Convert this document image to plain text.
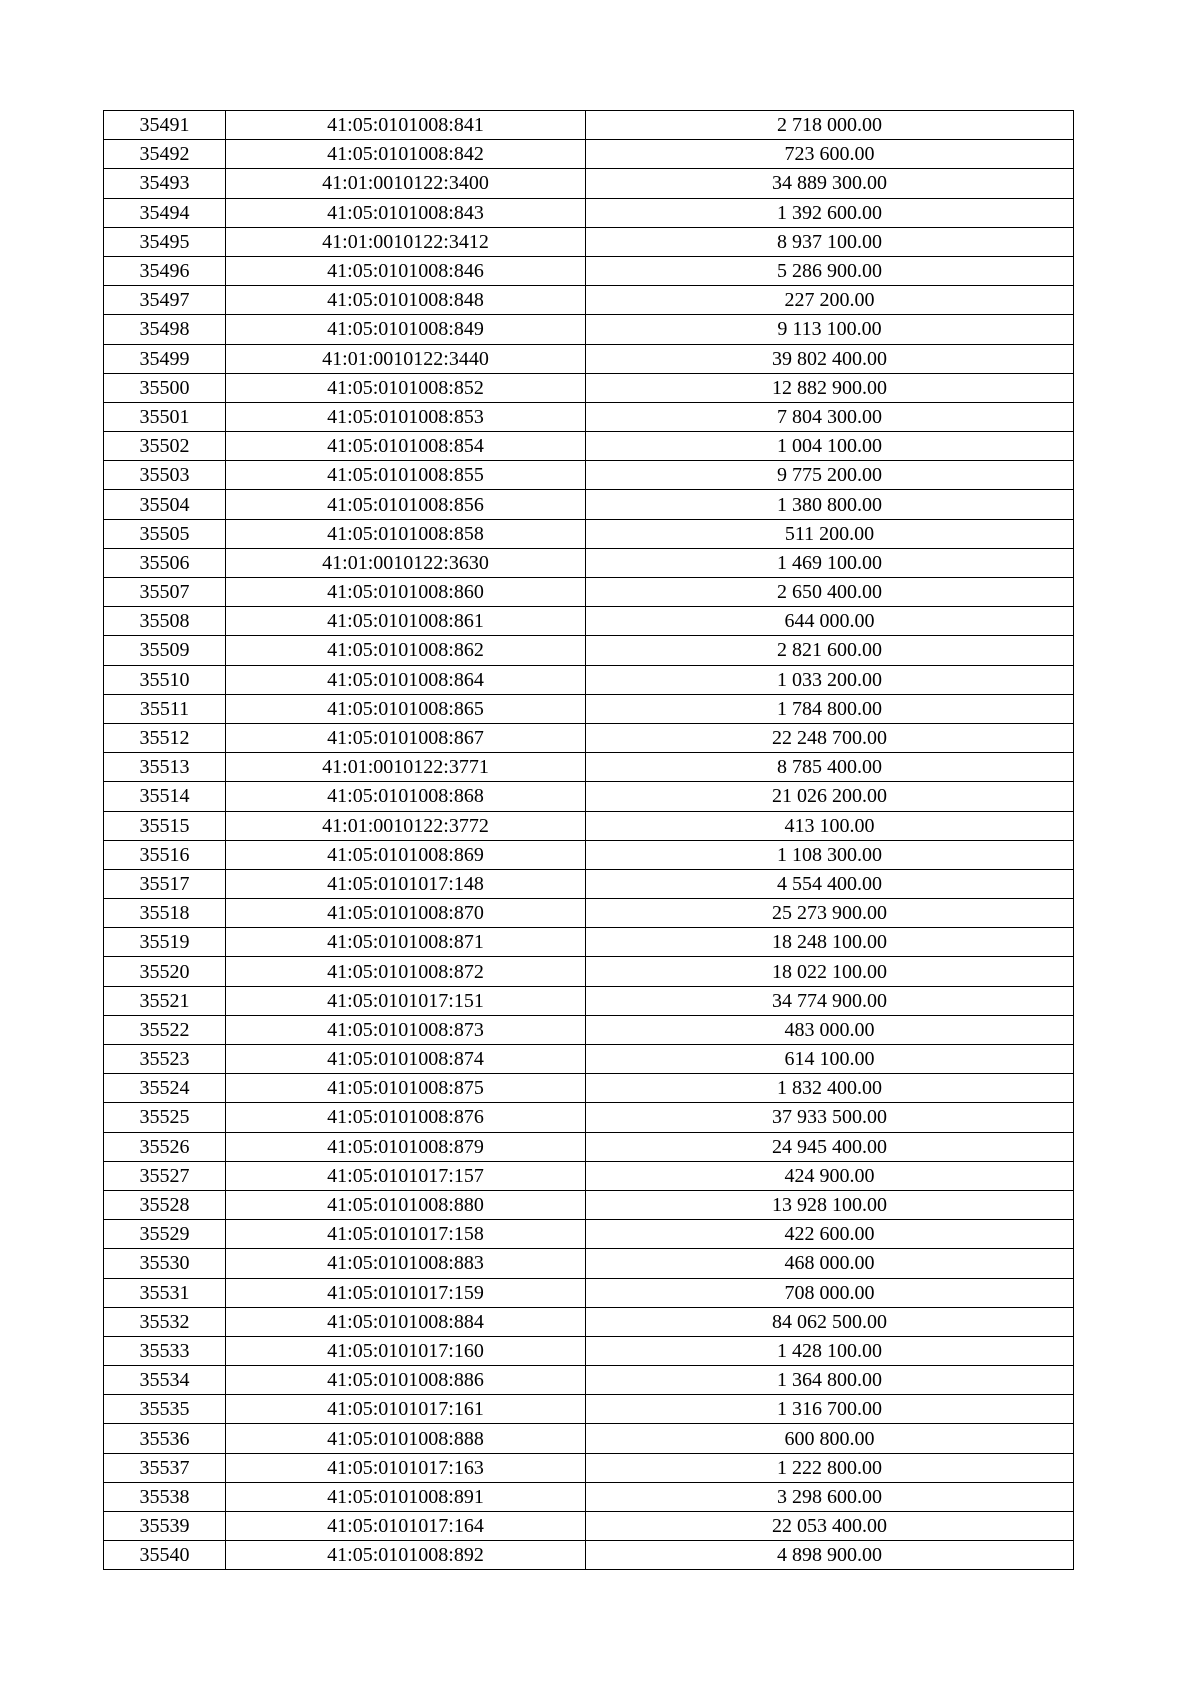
35491	41:05:0101008:841	2 718 000.00
35492	41:05:0101008:842	723 600.00
35493	41:01:0010122:3400	34 889 300.00
35494	41:05:0101008:843	1 392 600.00
35495	41:01:0010122:3412	8 937 100.00
35496	41:05:0101008:846	5 286 900.00
35497	41:05:0101008:848	227 200.00
35498	41:05:0101008:849	9 113 100.00
35499	41:01:0010122:3440	39 802 400.00
35500	41:05:0101008:852	12 882 900.00
35501	41:05:0101008:853	7 804 300.00
35502	41:05:0101008:854	1 004 100.00
35503	41:05:0101008:855	9 775 200.00
35504	41:05:0101008:856	1 380 800.00
35505	41:05:0101008:858	511 200.00
35506	41:01:0010122:3630	1 469 100.00
35507	41:05:0101008:860	2 650 400.00
35508	41:05:0101008:861	644 000.00
35509	41:05:0101008:862	2 821 600.00
35510	41:05:0101008:864	1 033 200.00
35511	41:05:0101008:865	1 784 800.00
35512	41:05:0101008:867	22 248 700.00
35513	41:01:0010122:3771	8 785 400.00
35514	41:05:0101008:868	21 026 200.00
35515	41:01:0010122:3772	413 100.00
35516	41:05:0101008:869	1 108 300.00
35517	41:05:0101017:148	4 554 400.00
35518	41:05:0101008:870	25 273 900.00
35519	41:05:0101008:871	18 248 100.00
35520	41:05:0101008:872	18 022 100.00
35521	41:05:0101017:151	34 774 900.00
35522	41:05:0101008:873	483 000.00
35523	41:05:0101008:874	614 100.00
35524	41:05:0101008:875	1 832 400.00
35525	41:05:0101008:876	37 933 500.00
35526	41:05:0101008:879	24 945 400.00
35527	41:05:0101017:157	424 900.00
35528	41:05:0101008:880	13 928 100.00
35529	41:05:0101017:158	422 600.00
35530	41:05:0101008:883	468 000.00
35531	41:05:0101017:159	708 000.00
35532	41:05:0101008:884	84 062 500.00
35533	41:05:0101017:160	1 428 100.00
35534	41:05:0101008:886	1 364 800.00
35535	41:05:0101017:161	1 316 700.00
35536	41:05:0101008:888	600 800.00
35537	41:05:0101017:163	1 222 800.00
35538	41:05:0101008:891	3 298 600.00
35539	41:05:0101017:164	22 053 400.00
35540	41:05:0101008:892	4 898 900.00
